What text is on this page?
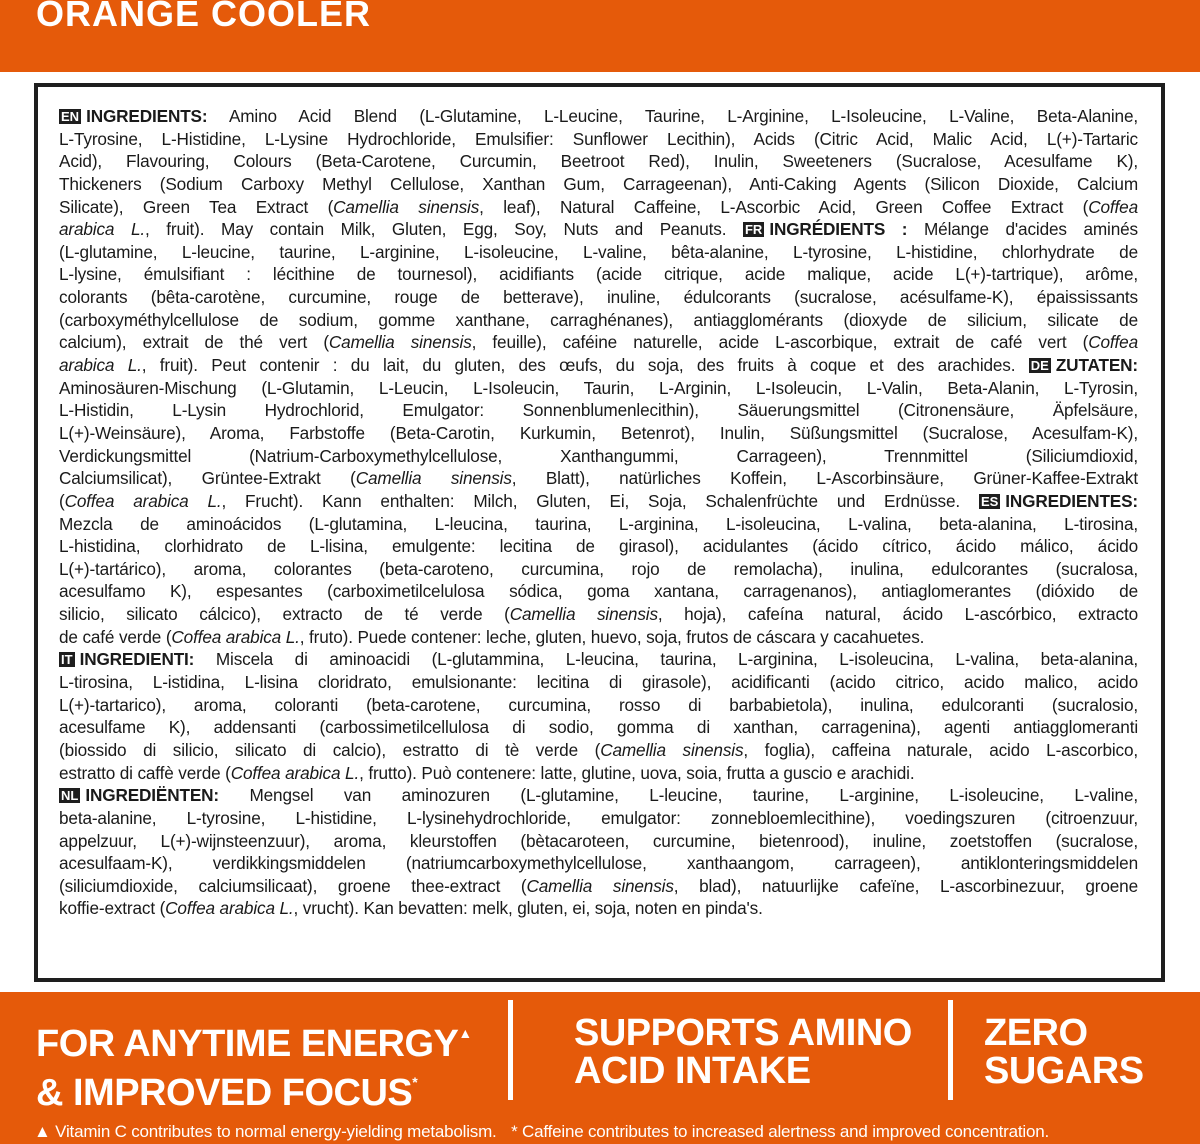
ORANGE COOLER
EN INGREDIENTS: Amino Acid Blend (L-Glutamine, L-Leucine, Taurine, L-Arginine, L-Isoleucine, L-Valine, Beta-Alanine,
L-Tyrosine, L-Histidine, L-Lysine Hydrochloride, Emulsifier: Sunflower Lecithin), Acids (Citric Acid, Malic Acid, L(+)-Tartaric
Acid), Flavouring, Colours (Beta-Carotene, Curcumin, Beetroot Red), Inulin, Sweeteners (Sucralose, Acesulfame K),
Thickeners (Sodium Carboxy Methyl Cellulose, Xanthan Gum, Carrageenan), Anti-Caking Agents (Silicon Dioxide, Calcium
Silicate), Green Tea Extract (Camellia sinensis, leaf), Natural Caffeine, L-Ascorbic Acid, Green Coffee Extract (Coffea
arabica L., fruit). May contain Milk, Gluten, Egg, Soy, Nuts and Peanuts. FR INGRÉDIENTS : Mélange d'acides aminés
(L-glutamine, L-leucine, taurine, L-arginine, L-isoleucine, L-valine, bêta-alanine, L-tyrosine, L-histidine, chlorhydrate de
L-lysine, émulsifiant : lécithine de tournesol), acidifiants (acide citrique, acide malique, acide L(+)-tartrique), arôme,
colorants (bêta-carotène, curcumine, rouge de betterave), inuline, édulcorants (sucralose, acésulfame-K), épaississants
(carboxyméthylcellulose de sodium, gomme xanthane, carraghénanes), antiagglomérants (dioxyde de silicium, silicate de
calcium), extrait de thé vert (Camellia sinensis, feuille), caféine naturelle, acide L-ascorbique, extrait de café vert (Coffea
arabica L., fruit). Peut contenir : du lait, du gluten, des œufs, du soja, des fruits à coque et des arachides. DE ZUTATEN:
Aminosäuren-Mischung (L-Glutamin, L-Leucin, L-Isoleucin, Taurin, L-Arginin, L-Isoleucin, L-Valin, Beta-Alanin, L-Tyrosin,
L-Histidin, L-Lysin Hydrochlorid, Emulgator: Sonnenblumenlecithin), Säuerungsmittel (Citronensäure, Äpfelsäure,
L(+)-Weinsäure), Aroma, Farbstoffe (Beta-Carotin, Kurkumin, Betenrot), Inulin, Süßungsmittel (Sucralose, Acesulfam-K),
Verdickungsmittel (Natrium-Carboxymethylcellulose, Xanthangummi, Carrageen), Trennmittel (Siliciumdioxid,
Calciumsilicat), Grüntee-Extrakt (Camellia sinensis, Blatt), natürliches Koffein, L-Ascorbinsäure, Grüner-Kaffee-Extrakt
(Coffea arabica L., Frucht). Kann enthalten: Milch, Gluten, Ei, Soja, Schalenfrüchte und Erdnüsse. ES INGREDIENTES:
Mezcla de aminoácidos (L-glutamina, L-leucina, taurina, L-arginina, L-isoleucina, L-valina, beta-alanina, L-tirosina,
L-histidina, clorhidrato de L-lisina, emulgente: lecitina de girasol), acidulantes (ácido cítrico, ácido málico, ácido
L(+)-tartárico), aroma, colorantes (beta-caroteno, curcumina, rojo de remolacha), inulina, edulcorantes (sucralosa,
acesulfamo K), espesantes (carboximetilcelulosa sódica, goma xantana, carragenanos), antiaglomerantes (dióxido de
silicio, silicato cálcico), extracto de té verde (Camellia sinensis, hoja), cafeína natural, ácido L-ascórbico, extracto
de café verde (Coffea arabica L., fruto). Puede contener: leche, gluten, huevo, soja, frutos de cáscara y cacahuetes.
IT INGREDIENTI: Miscela di aminoacidi (L-glutammina, L-leucina, taurina, L-arginina, L-isoleucina, L-valina, beta-alanina,
L-tirosina, L-istidina, L-lisina cloridrato, emulsionante: lecitina di girasole), acidificanti (acido citrico, acido malico, acido
L(+)-tartarico), aroma, coloranti (beta-carotene, curcumina, rosso di barbabietola), inulina, edulcoranti (sucralosio,
acesulfame K), addensanti (carbossimetilcellulosa di sodio, gomma di xanthan, carragenina), agenti antiagglomeranti
(biossido di silicio, silicato di calcio), estratto di tè verde (Camellia sinensis, foglia), caffeina naturale, acido L-ascorbico,
estratto di caffè verde (Coffea arabica L., frutto). Può contenere: latte, glutine, uova, soia, frutta a guscio e arachidi.
NL INGREDIËNTEN: Mengsel van aminozuren (L-glutamine, L-leucine, taurine, L-arginine, L-isoleucine, L-valine,
beta-alanine, L-tyrosine, L-histidine, L-lysinehydrochloride, emulgator: zonnebloemlecithine), voedingszuren (citroenzuur,
appelzuur, L(+)-wijnsteenzuur), aroma, kleurstoffen (bètacaroteen, curcumine, bietenrood), inuline, zoetstoffen (sucralose,
acesulfaam-K), verdikkingsmiddelen (natriumcarboxymethylcellulose, xanthaangom, carrageen), antiklonteringsmiddelen
(siliciumdioxide, calciumsilicaat), groene thee-extract (Camellia sinensis, blad), natuurlijke cafeïne, L-ascorbinezuur, groene
koffie-extract (Coffea arabica L., vrucht). Kan bevatten: melk, gluten, ei, soja, noten en pinda's.
FOR ANYTIME ENERGY▲
& IMPROVED FOCUS*
SUPPORTS AMINO
ACID INTAKE
ZERO
SUGARS
▲ Vitamin C contributes to normal energy-yielding metabolism. * Caffeine contributes to increased alertness and improved concentration.
